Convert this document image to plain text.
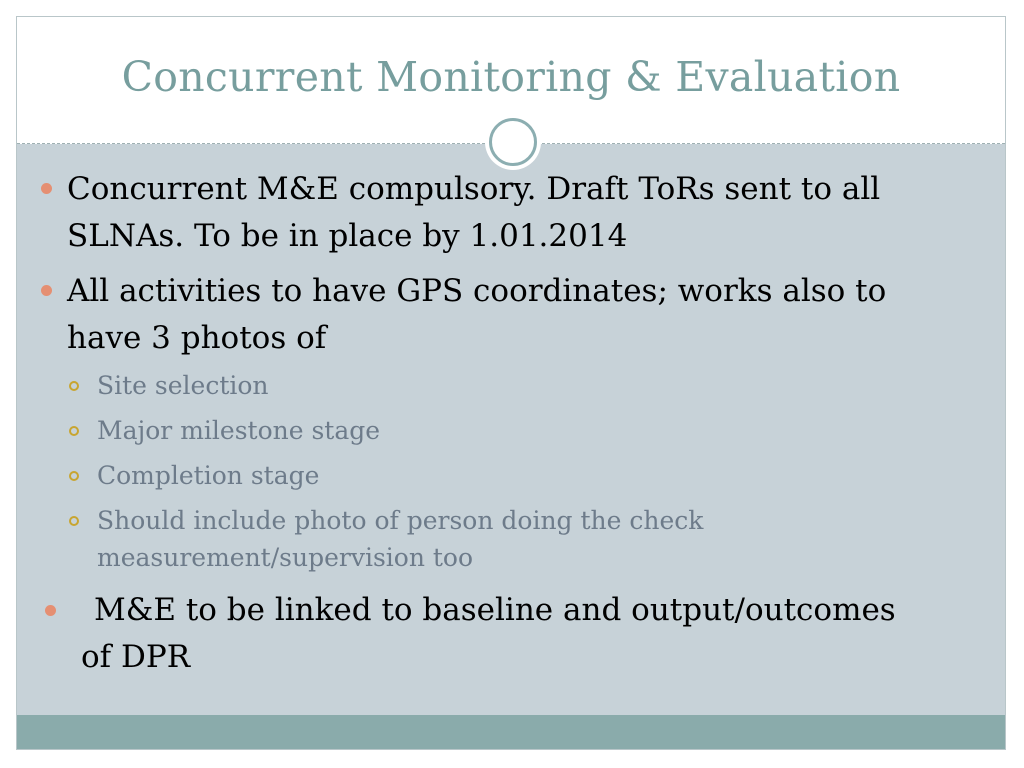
Concurrent Monitoring & Evaluation
Concurrent M&E compulsory. Draft ToRs sent to all
SLNAs. To be in place by 1.01.2014
All activities to have GPS coordinates; works also to
have 3 photos of
Site selection
Major milestone stage
Completion stage
Should include photo of person doing the check
measurement/supervision too
M&E to be linked to baseline and output/outcomes
of DPR
